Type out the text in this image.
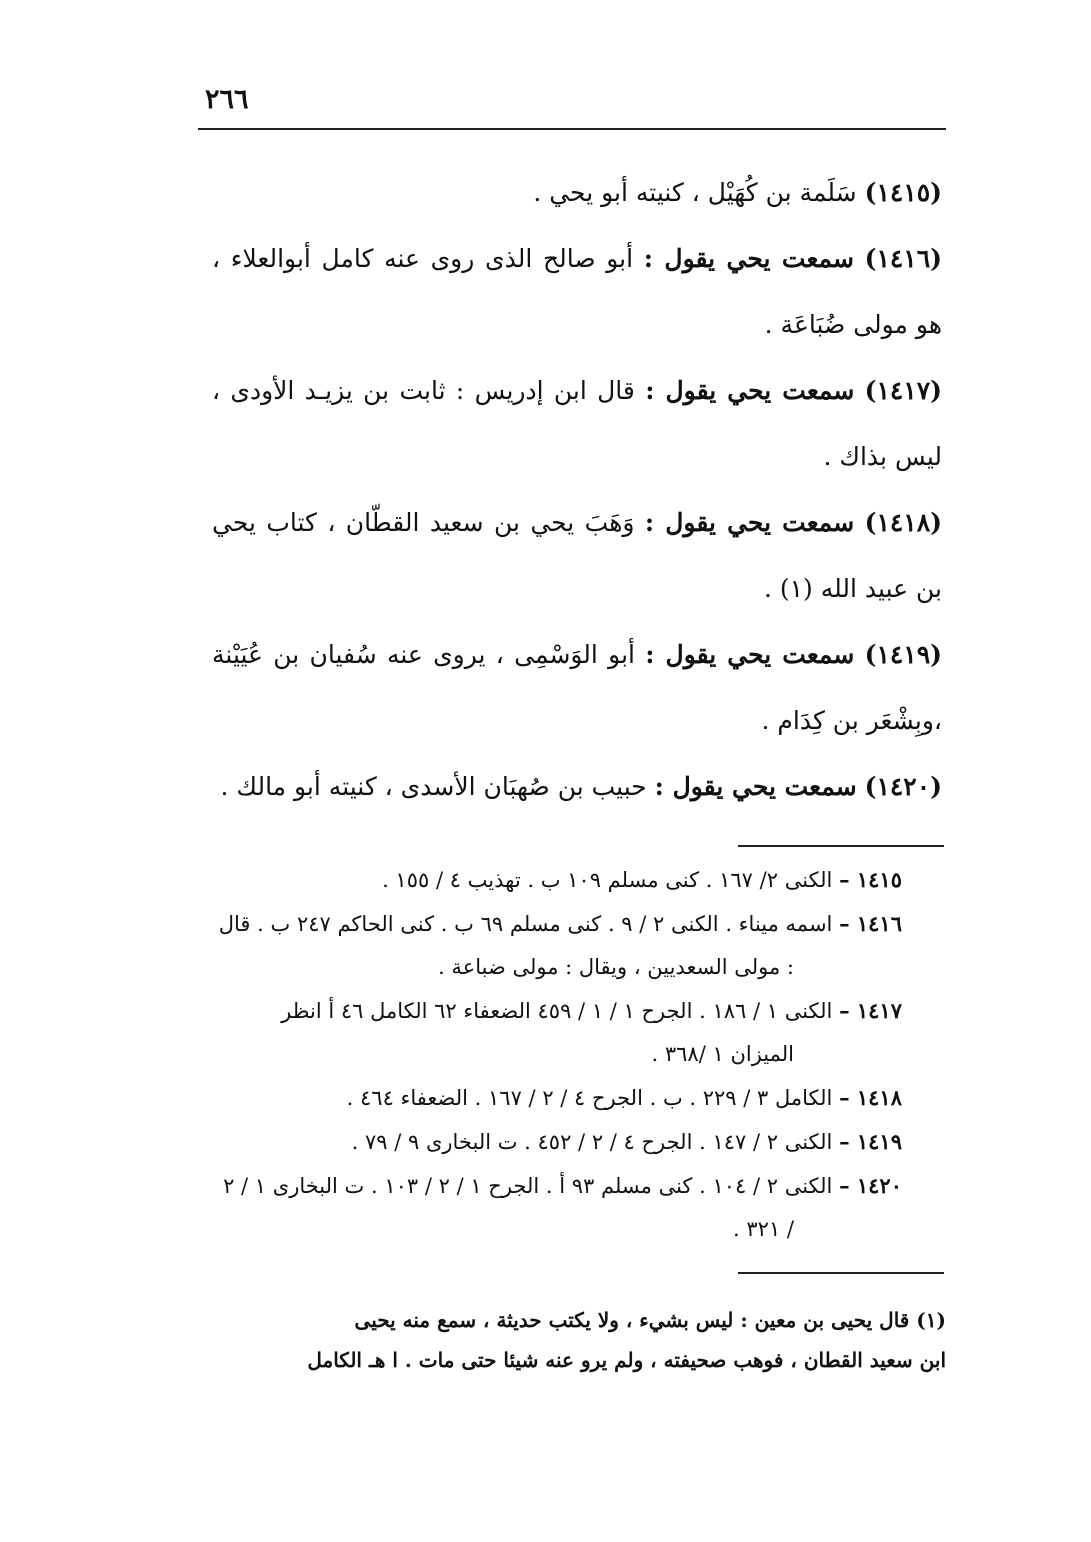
٢٦٦

(١٤١٥) سَلَمة بن كُهَيْل ، كنيته أبو يحي .

(١٤١٦) سمعت يحي يقول : أبو صالح الذى روى عنه كامل أبوالعلاء ، هو مولى ضُبَاعَة .

(١٤١٧) سمعت يحي يقول : قال ابن إدريس : ثابت بن يزيـد الأودى ، ليس بذاك .

(١٤١٨) سمعت يحي يقول : وَهَبَ يحي بن سعيد القطّان ، كتاب يحي بن عبيد الله (١) .

(١٤١٩) سمعت يحي يقول : أبو الوَسْمِى ، يروى عنه سُفيان بن عُيَيْنة ،وبِشْعَر بن كِدَام .

(١٤٢٠) سمعت يحي يقول : حبيب بن صُهبَان الأسدى ، كنيته أبو مالك .

١٤١٥ – الكنى ٢/ ١٦٧ . كنى مسلم ١٠٩ ب . تهذيب ٤ / ١٥٥ .

١٤١٦ – اسمه ميناء . الكنى ٢ / ٩ . كنى مسلم ٦٩ ب . كنى الحاكم ٢٤٧ ب . قال : مولى السعديين ، ويقال : مولى ضباعة .

١٤١٧ – الكنى ١ / ١٨٦ . الجرح ١ / ١ / ٤٥٩ الضعفاء ٦٢ الكامل ٤٦ أ انظر الميزان ١ /٣٦٨ .

١٤١٨ – الكامل ٣ / ٢٢٩ . ب . الجرح ٤ / ٢ / ١٦٧ . الضعفاء ٤٦٤ .

١٤١٩ – الكنى ٢ / ١٤٧ . الجرح ٤ / ٢ / ٤٥٢ . ت البخارى ٩ / ٧٩ .

١٤٢٠ – الكنى ٢ / ١٠٤ . كنى مسلم ٩٣ أ . الجرح ١ / ٢ / ١٠٣ . ت البخارى ١ / ٢ / ٣٢١ .

(١) قال يحيى بن معين : ليس بشيء ، ولا يكتب حديثة ، سمع منه يحيى

ابن سعيد القطان ، فوهب صحيفته ، ولم يرو عنه شيئا حتى مات . ا هـ الكامل
